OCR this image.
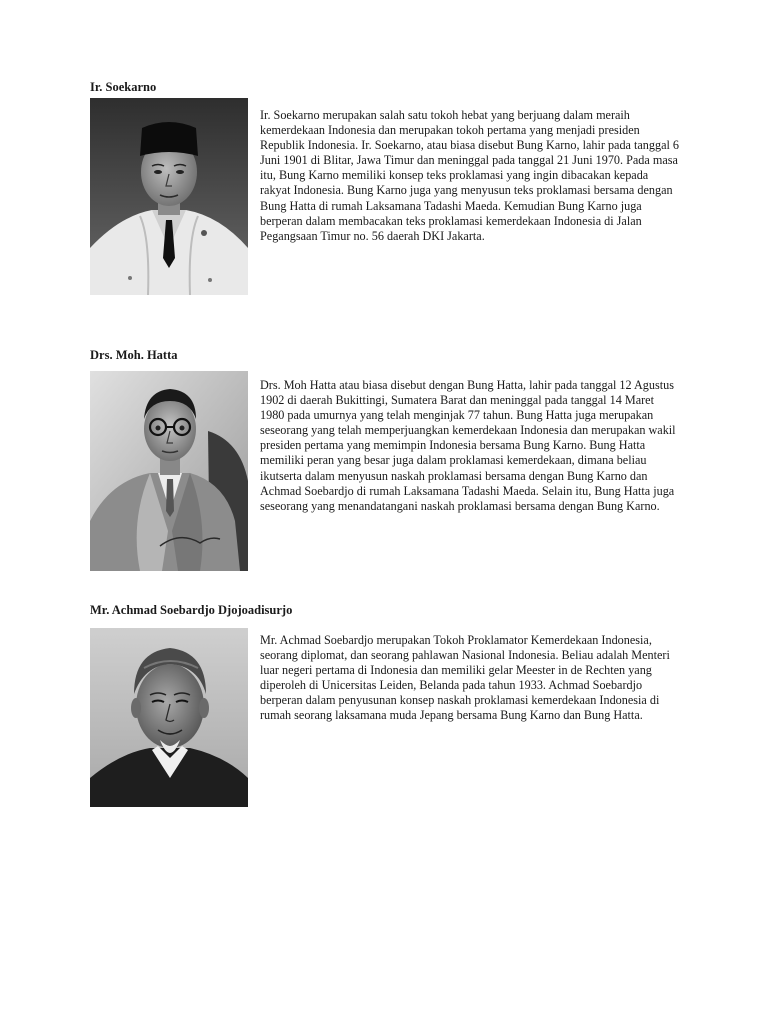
Ir. Soekarno

Ir. Soekarno merupakan salah satu tokoh hebat yang berjuang dalam meraih kemerdekaan Indonesia dan merupakan tokoh pertama yang menjadi presiden Republik Indonesia. Ir. Soekarno, atau biasa disebut Bung Karno, lahir pada tanggal 6 Juni 1901 di Blitar, Jawa Timur dan meninggal pada tanggal 21 Juni 1970. Pada masa itu, Bung Karno memiliki konsep teks proklamasi yang ingin dibacakan kepada rakyat Indonesia. Bung Karno juga yang menyusun teks proklamasi bersama dengan Bung Hatta di rumah Laksamana Tadashi Maeda. Kemudian Bung Karno juga berperan dalam membacakan teks proklamasi kemerdekaan Indonesia di Jalan Pegangsaan Timur no. 56 daerah DKI Jakarta.

Drs. Moh. Hatta

Drs. Moh Hatta atau biasa disebut dengan Bung Hatta, lahir pada tanggal 12 Agustus 1902 di daerah Bukittingi, Sumatera Barat dan meninggal pada tanggal 14 Maret 1980 pada umurnya yang telah menginjak 77 tahun. Bung Hatta juga merupakan seseorang yang telah memperjuangkan kemerdekaan Indonesia dan merupakan wakil presiden pertama yang memimpin Indonesia bersama Bung Karno. Bung Hatta memiliki peran yang besar juga dalam proklamasi kemerdekaan, dimana beliau ikutserta dalam menyusun naskah proklamasi bersama dengan Bung Karno dan Achmad Soebardjo di rumah Laksamana Tadashi Maeda. Selain itu, Bung Hatta juga seseorang yang menandatangani naskah proklamasi bersama dengan Bung Karno.

Mr. Achmad Soebardjo Djojoadisurjo

Mr. Achmad Soebardjo merupakan Tokoh Proklamator Kemerdekaan Indonesia, seorang diplomat, dan seorang pahlawan Nasional Indonesia. Beliau adalah Menteri luar negeri pertama di Indonesia dan memiliki gelar Meester in de Rechten yang diperoleh di Unicersitas Leiden, Belanda pada tahun 1933. Achmad Soebardjo berperan dalam penyusunan konsep naskah proklamasi kemerdekaan Indonesia di rumah seorang laksamana muda Jepang bersama Bung Karno dan Bung Hatta.
